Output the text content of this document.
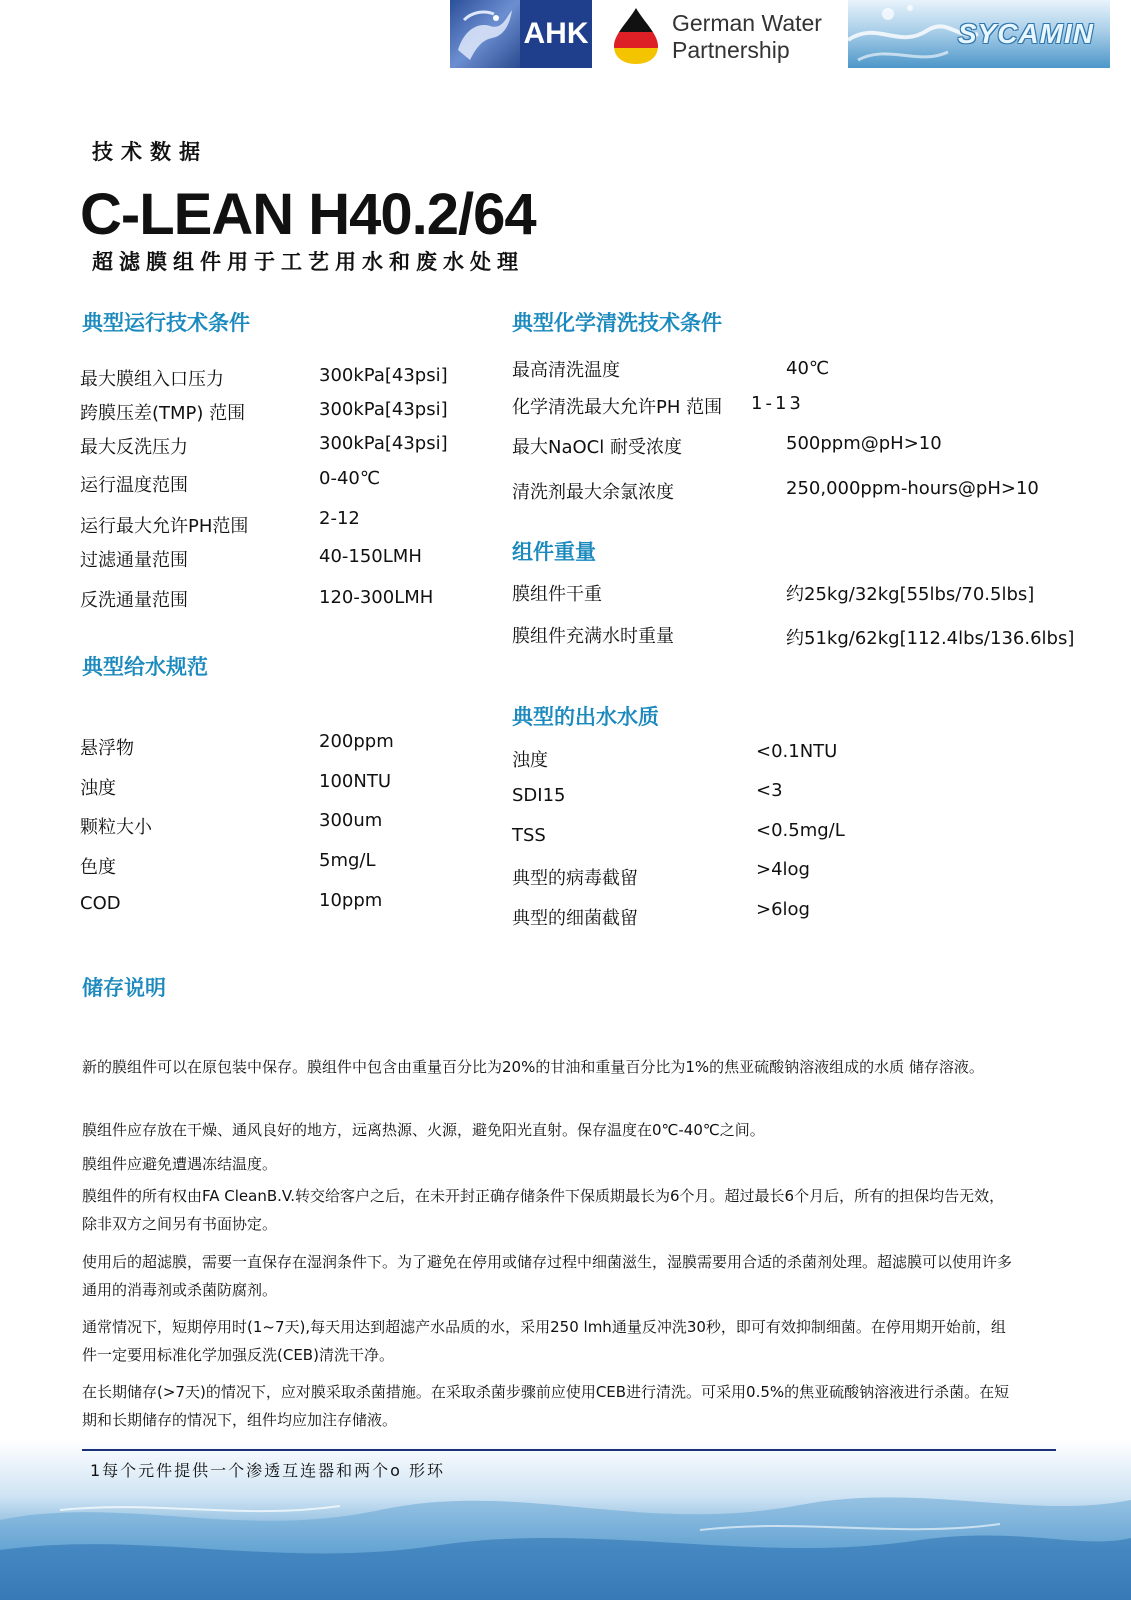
AHK	German Water
Partnership
SYCAMIN
技术数据
C-LEAN H40.2/64
超滤膜组件用于工艺用水和废水处理
典型运行技术条件
最大膜组入口压力	300kPa[43psi]
跨膜压差(TMP) 范围	300kPa[43psi]
最大反洗压力	300kPa[43psi]
运行温度范围	0-40℃
运行最大允许PH范围	2-12
过滤通量范围	40-150LMH
反洗通量范围	120-300LMH
典型给水规范
悬浮物	200ppm
浊度	100NTU
颗粒大小	300um
色度	5mg/L
COD	10ppm
典型化学清洗技术条件
最高清洗温度	40℃
化学清洗最大允许PH 范围 1-13
最大NaOCl 耐受浓度	500ppm@pH>10
清洗剂最大余氯浓度	250,000ppm-hours@pH>10
组件重量
膜组件干重	约25kg/32kg[55lbs/70.5lbs]
膜组件充满水时重量	约51kg/62kg[112.4lbs/136.6lbs]
典型的出水水质
浊度	<0.1NTU
SDI15	<3
TSS	<0.5mg/L
典型的病毒截留	>4log
典型的细菌截留	>6log
储存说明
新的膜组件可以在原包装中保存。膜组件中包含由重量百分比为20%的甘油和重量百分比为1%的焦亚硫酸钠溶液组成的水质 储存溶液。
膜组件应存放在干燥、通风良好的地方，远离热源、火源，避免阳光直射。保存温度在0℃-40℃之间。
膜组件应避免遭遇冻结温度。
膜组件的所有权由FA CleanB.V.转交给客户之后，在未开封正确存储条件下保质期最长为6个月。超过最长6个月后，所有的担保均告无效，除非双方之间另有书面协定。
使用后的超滤膜，需要一直保存在湿润条件下。为了避免在停用或储存过程中细菌滋生，湿膜需要用合适的杀菌剂处理。超滤膜可以使用许多通用的消毒剂或杀菌防腐剂。
通常情况下，短期停用时(1~7天),每天用达到超滤产水品质的水，采用250 lmh通量反冲洗30秒，即可有效抑制细菌。在停用期开始前，组件一定要用标准化学加强反洗(CEB)清洗干净。
在长期储存(>7天)的情况下，应对膜采取杀菌措施。在采取杀菌步骤前应使用CEB进行清洗。可采用0.5%的焦亚硫酸钠溶液进行杀菌。在短期和长期储存的情况下，组件均应加注存储液。
1每个元件提供一个渗透互连器和两个o 形环
